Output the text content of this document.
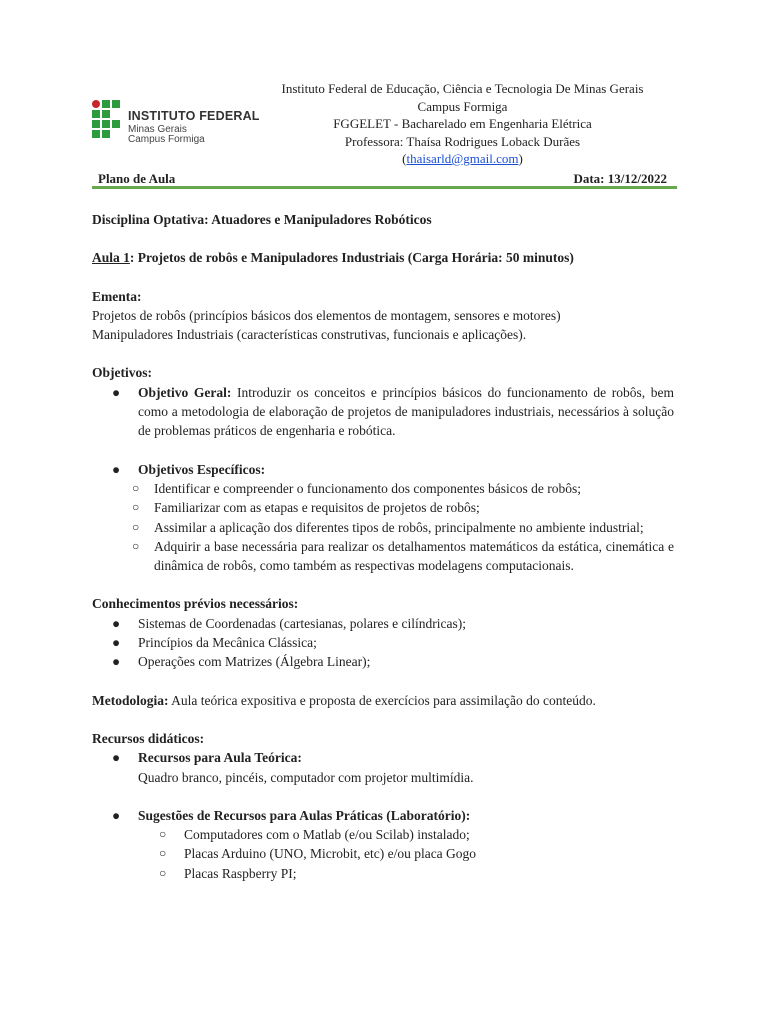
INSTITUTO FEDERAL
Minas Gerais
Campus Formiga
Instituto Federal de Educação, Ciência e Tecnologia De Minas Gerais
Campus Formiga
FGGELET - Bacharelado em Engenharia Elétrica
Professora: Thaísa Rodrigues Loback Durães
(thaisarld@gmail.com)
Plano de Aula	Data: 13/12/2022

Disciplina Optativa: Atuadores e Manipuladores Robóticos

Aula 1: Projetos de robôs e Manipuladores Industriais (Carga Horária: 50 minutos)

Ementa:

Projetos de robôs (princípios básicos dos elementos de montagem, sensores e motores)

Manipuladores Industriais (características construtivas, funcionais e aplicações).

Objetivos:

● Objetivo Geral: Introduzir os conceitos e princípios básicos do funcionamento de robôs, bem como a metodologia de elaboração de projetos de manipuladores industriais, necessários à solução de problemas práticos de engenharia e robótica.
● Objetivos Específicos:
○ Identificar e compreender o funcionamento dos componentes básicos de robôs;
○ Familiarizar com as etapas e requisitos de projetos de robôs;
○ Assimilar a aplicação dos diferentes tipos de robôs, principalmente no ambiente industrial;
○ Adquirir a base necessária para realizar os detalhamentos matemáticos da estática, cinemática e dinâmica de robôs, como também as respectivas modelagens computacionais.

Conhecimentos prévios necessários:

● Sistemas de Coordenadas (cartesianas, polares e cilíndricas);
● Princípios da Mecânica Clássica;
● Operações com Matrizes (Álgebra Linear);

Metodologia: Aula teórica expositiva e proposta de exercícios para assimilação do conteúdo.

Recursos didáticos:

● Recursos para Aula Teórica:

Quadro branco, pincéis, computador com projetor multimídia.

● Sugestões de Recursos para Aulas Práticas (Laboratório):
○ Computadores com o Matlab (e/ou Scilab) instalado;
○ Placas Arduino (UNO, Microbit, etc) e/ou placa Gogo
○ Placas Raspberry PI;
